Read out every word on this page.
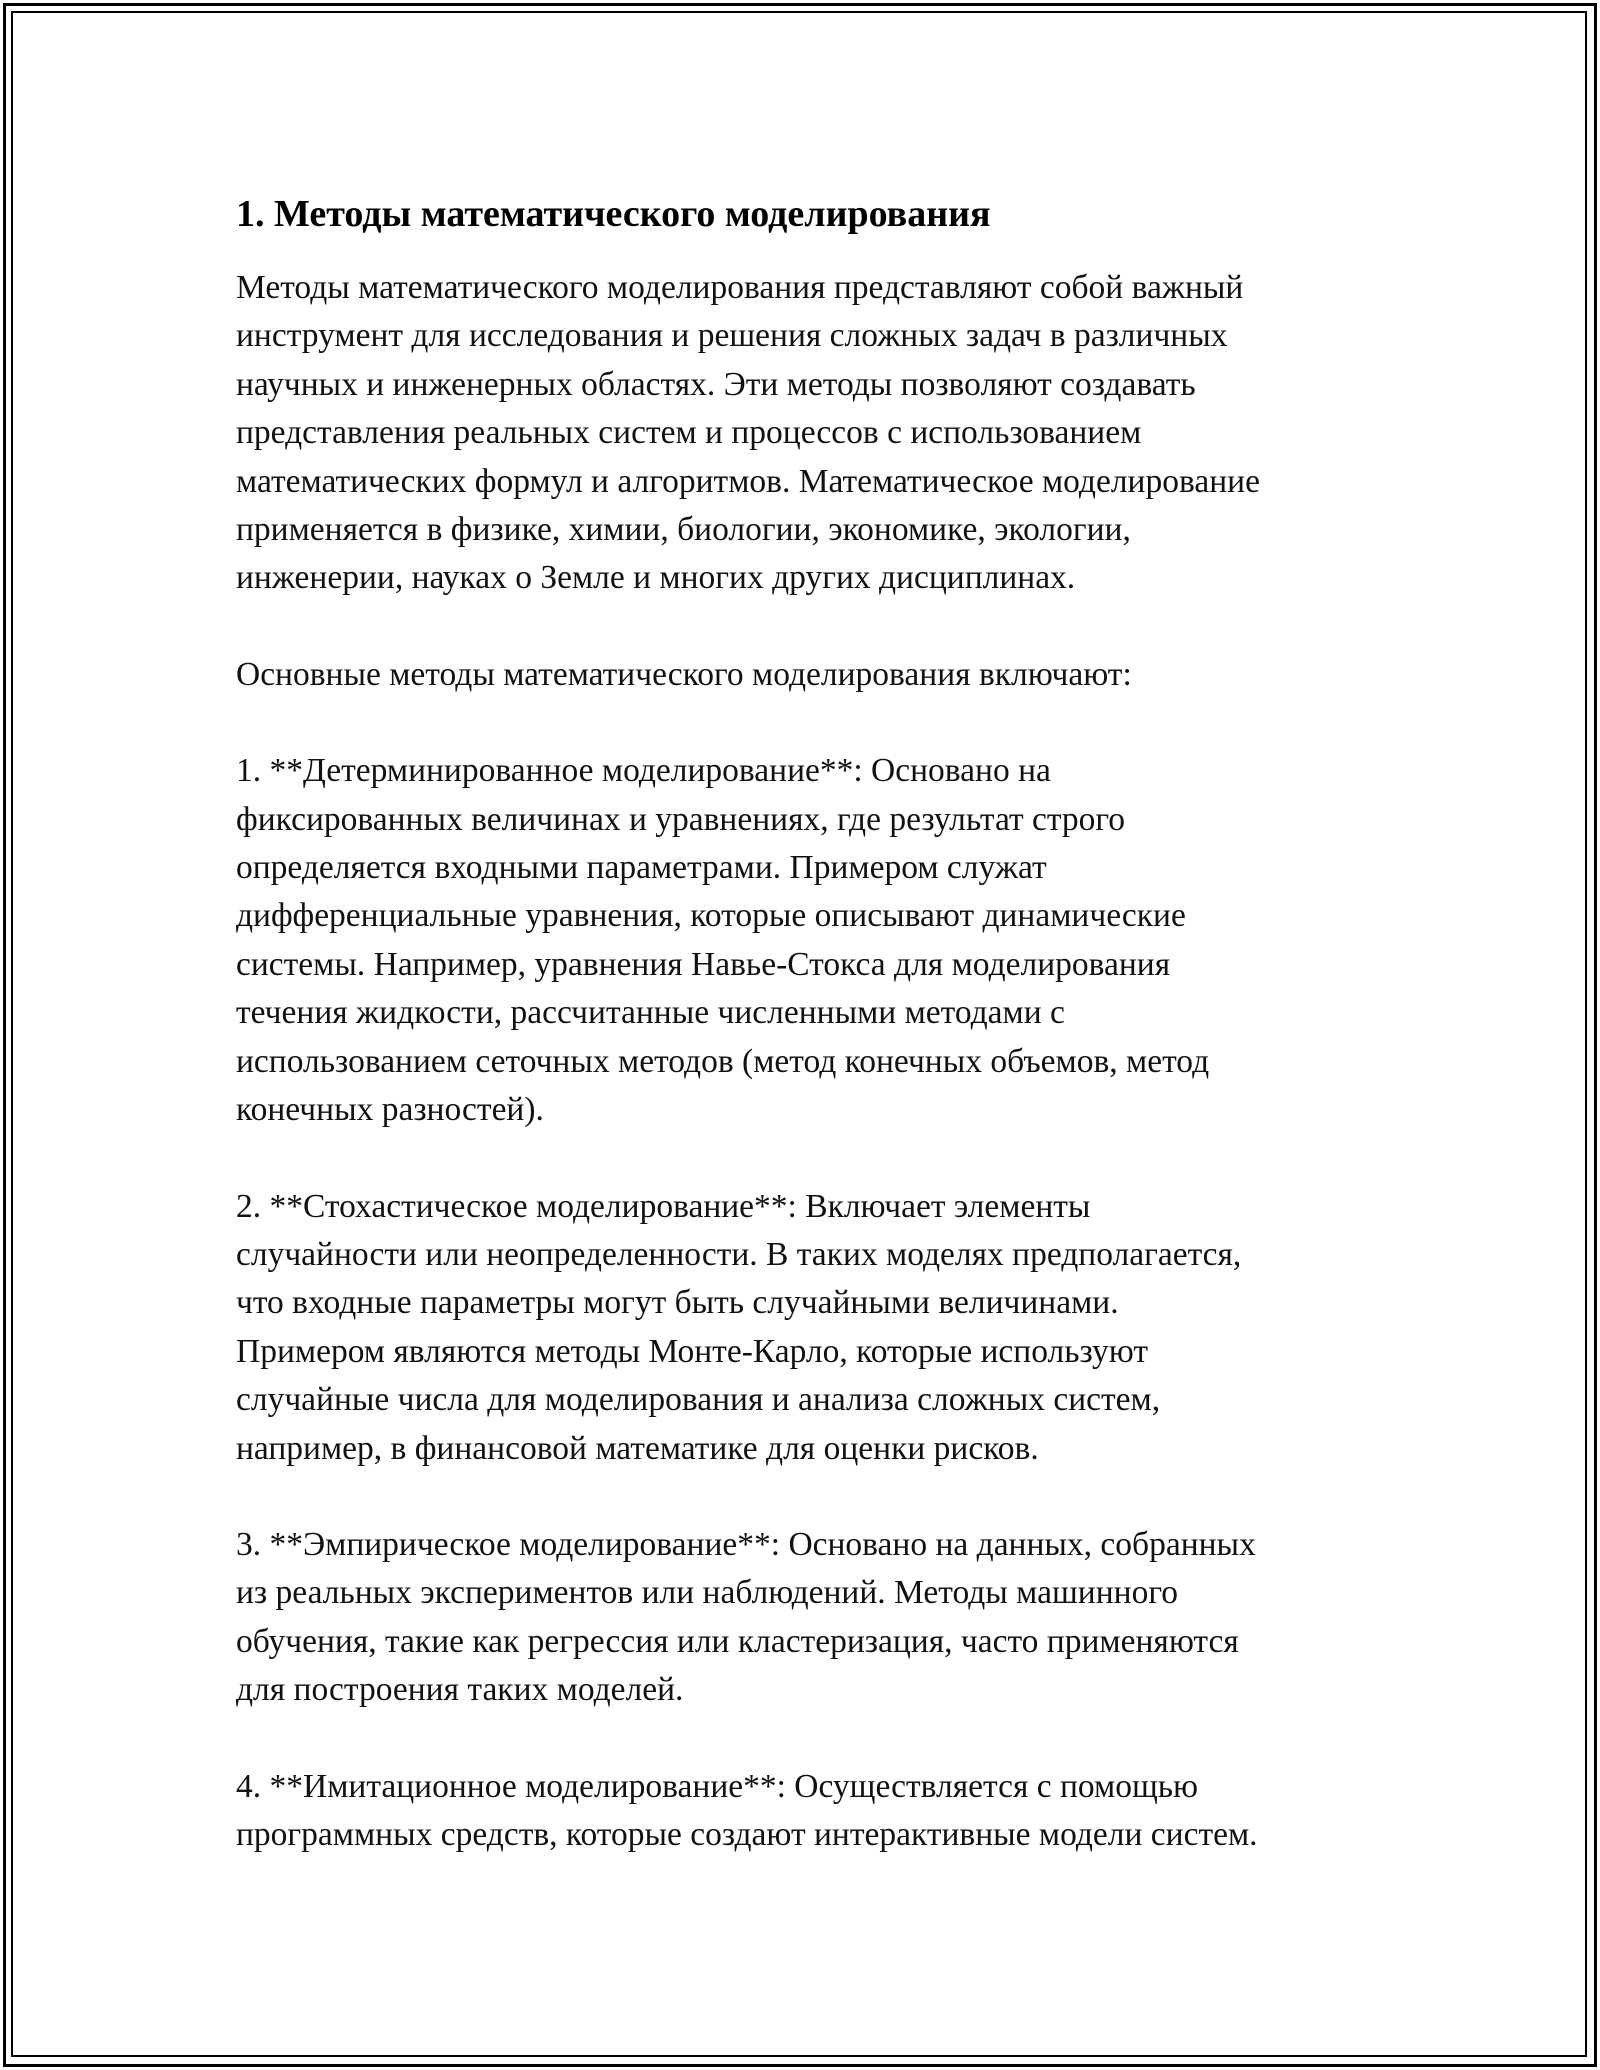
1. Методы математического моделирования

Методы математического моделирования представляют собой важный
инструмент для исследования и решения сложных задач в различных
научных и инженерных областях. Эти методы позволяют создавать
представления реальных систем и процессов с использованием
математических формул и алгоритмов. Математическое моделирование
применяется в физике, химии, биологии, экономике, экологии,
инженерии, науках о Земле и многих других дисциплинах.

Основные методы математического моделирования включают:

1. **Детерминированное моделирование**: Основано на
фиксированных величинах и уравнениях, где результат строго
определяется входными параметрами. Примером служат
дифференциальные уравнения, которые описывают динамические
системы. Например, уравнения Навье-Стокса для моделирования
течения жидкости, рассчитанные численными методами с
использованием сеточных методов (метод конечных объемов, метод
конечных разностей).

2. **Стохастическое моделирование**: Включает элементы
случайности или неопределенности. В таких моделях предполагается,
что входные параметры могут быть случайными величинами.
Примером являются методы Монте-Карло, которые используют
случайные числа для моделирования и анализа сложных систем,
например, в финансовой математике для оценки рисков.

3. **Эмпирическое моделирование**: Основано на данных, собранных
из реальных экспериментов или наблюдений. Методы машинного
обучения, такие как регрессия или кластеризация, часто применяются
для построения таких моделей.

4. **Имитационное моделирование**: Осуществляется с помощью
программных средств, которые создают интерактивные модели систем.
